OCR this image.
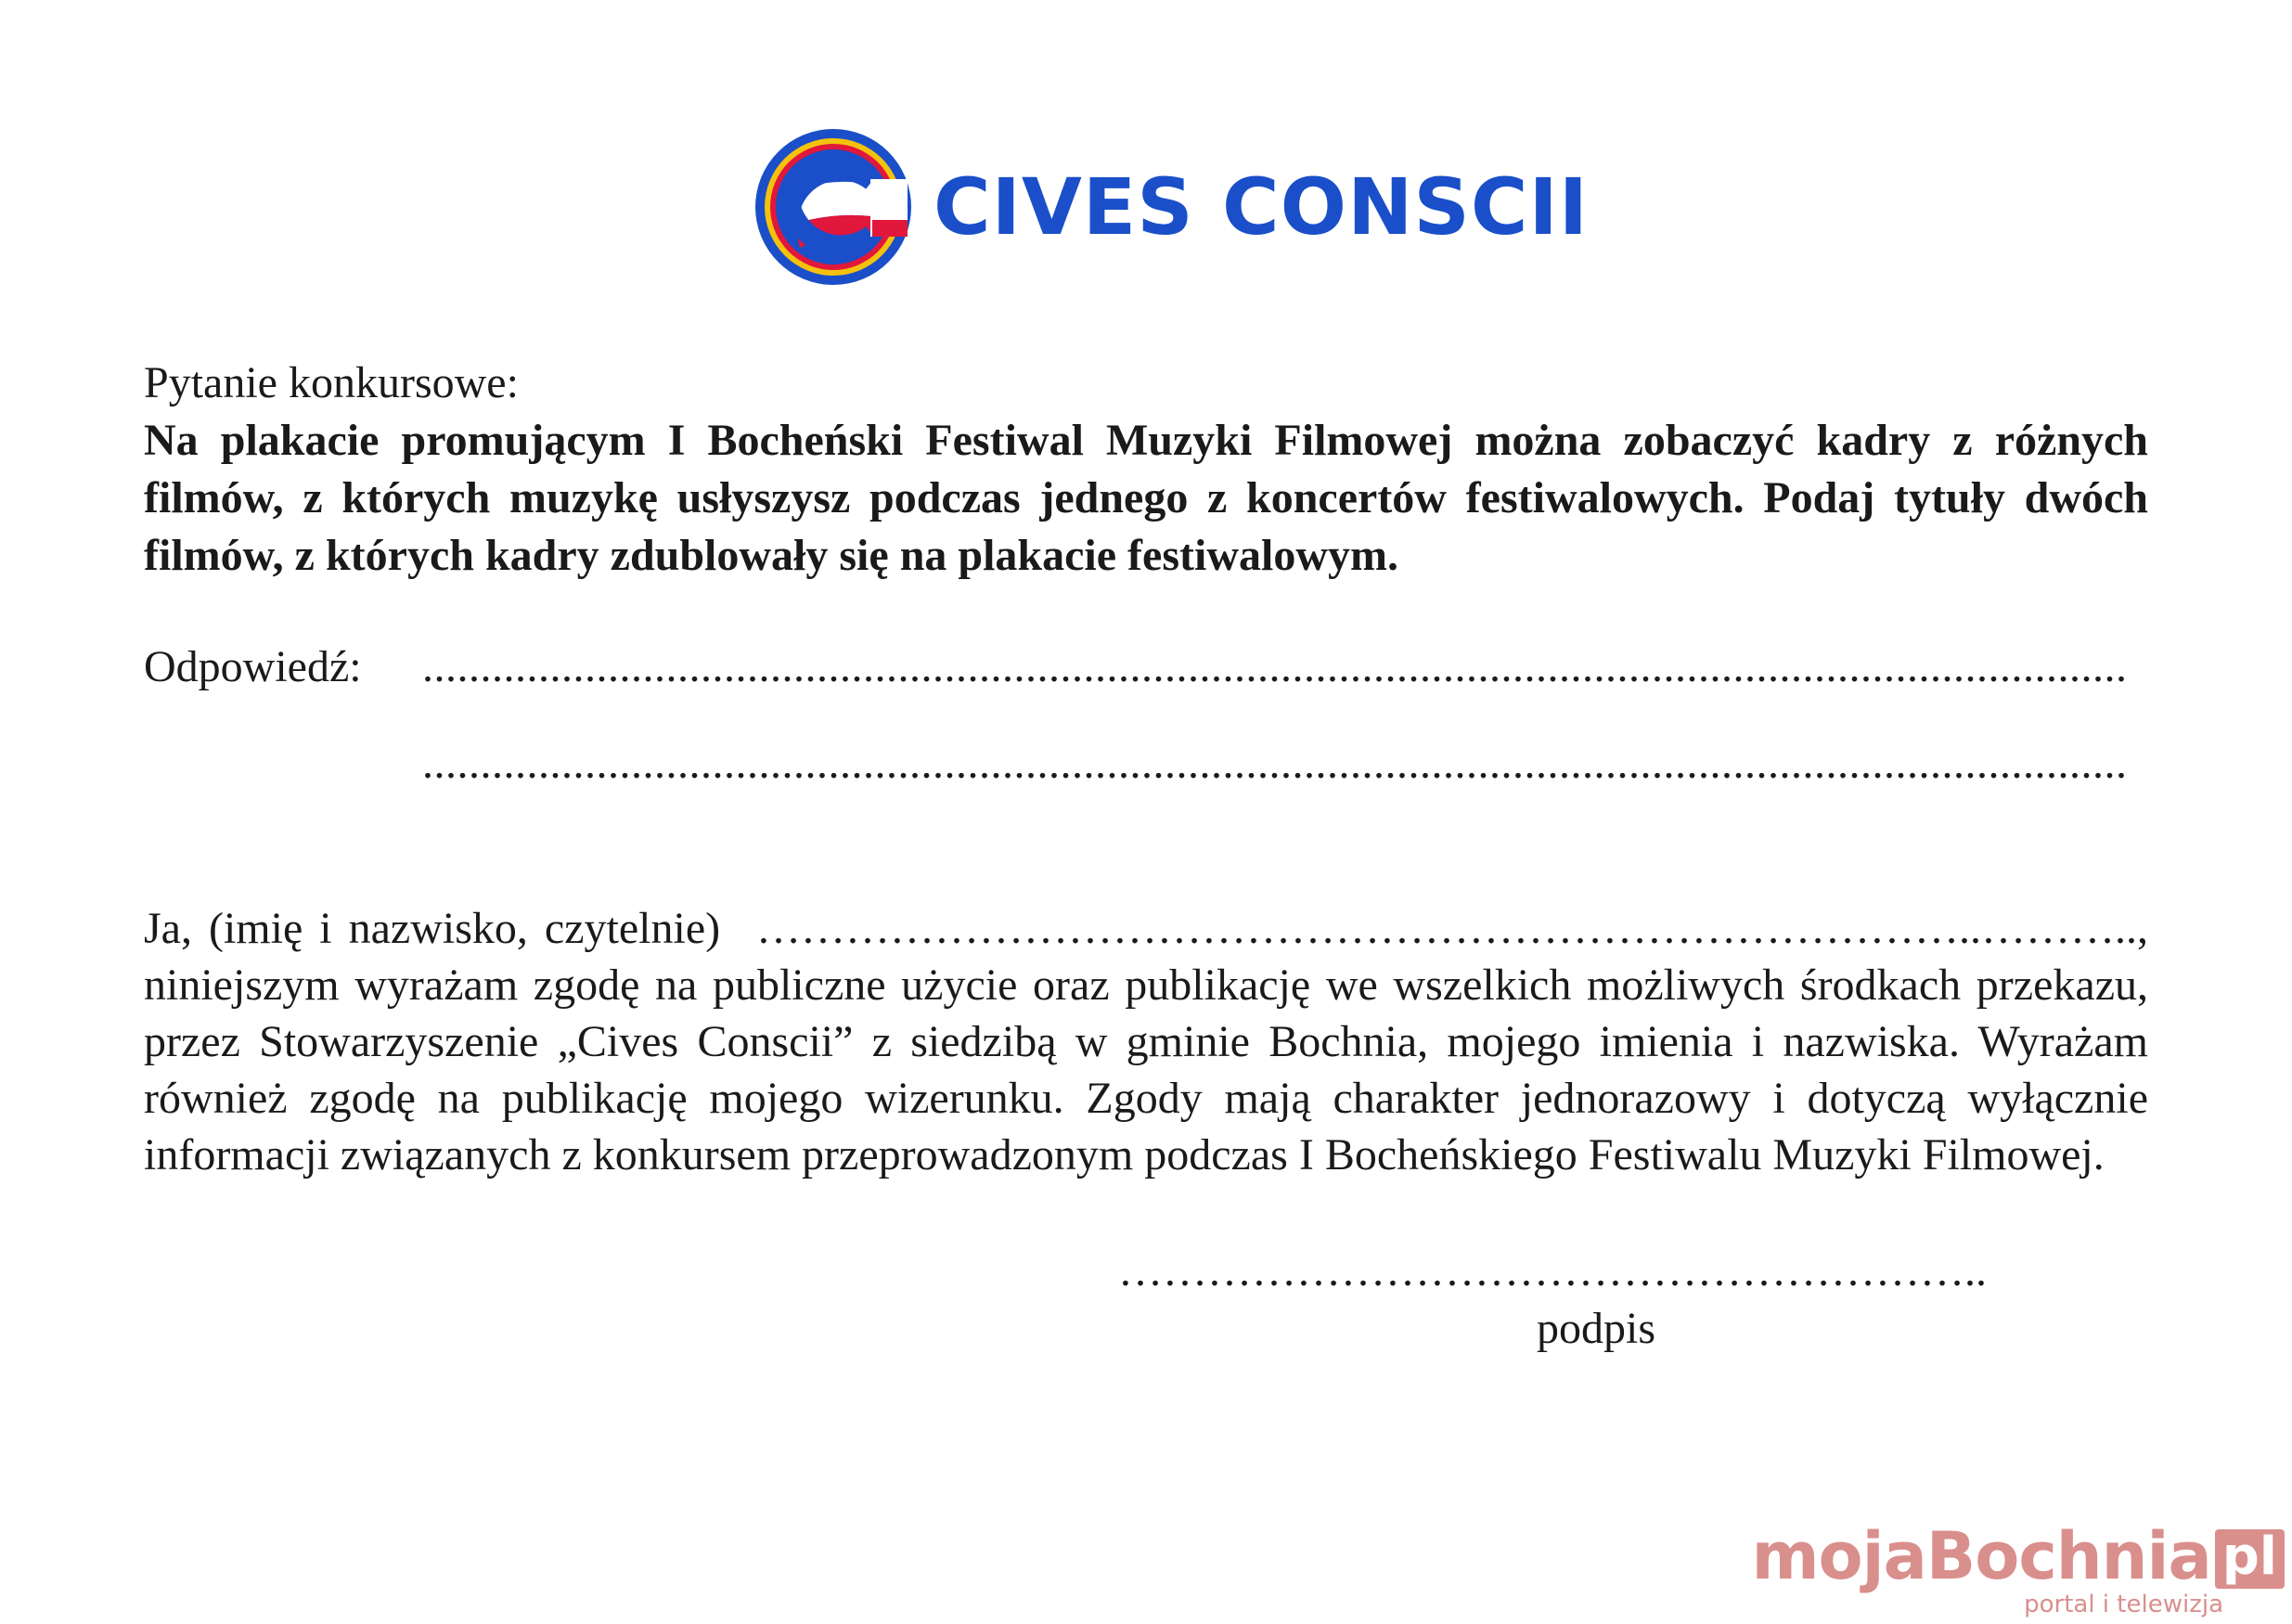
CIVES CONSCII
Pytanie konkursowe:
Na plakacie promującym I Bocheński Festiwal Muzyki Filmowej można zobaczyć kadry z różnych filmów, z których muzykę usłyszysz podczas jednego z koncertów festiwalowych. Podaj tytuły dwóch filmów, z których kadry zdublowały się na plakacie festiwalowym.
Odpowiedź: ...................................................................................................................................................
...................................................................................................................................................
Ja, (imię i nazwisko, czytelnie) ………………………………………………………………………..………..,
niniejszym wyrażam zgodę na publiczne użycie oraz publikację we wszelkich możliwych środkach przekazu, przez Stowarzyszenie „Cives Conscii” z siedzibą w gminie Bochnia, mojego imienia i nazwiska. Wyrażam również zgodę na publikację mojego wizerunku. Zgody mają charakter jednorazowy i dotyczą wyłącznie informacji związanych z konkursem przeprowadzonym podczas I Bocheńskiego Festiwalu Muzyki Filmowej.
…………………………………………………..
podpis
mojaBochnia pl
portal i telewizja
